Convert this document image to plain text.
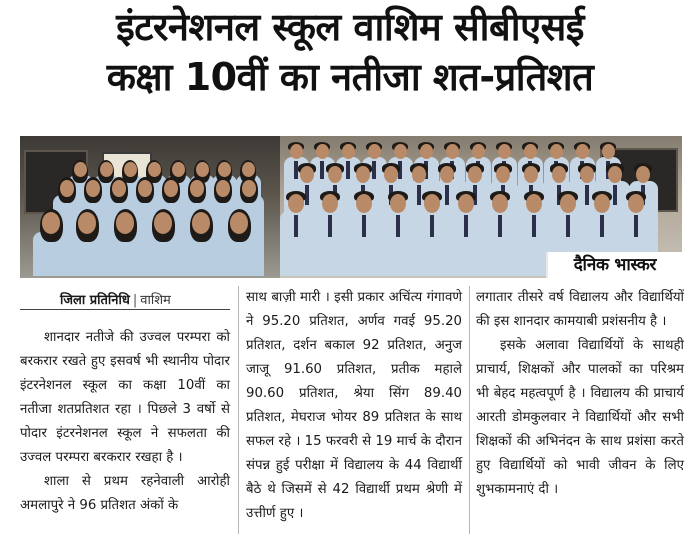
इंटरनेशनल स्कूल वाशिम सीबीएसई
कक्षा 10वीं का नतीजा शत-प्रतिशत
दैनिक भास्कर
जिला प्रतिनिधि | वाशिम

शानदार नतीजे की उज्वल परम्परा को बरकरार रखते हुए इसवर्ष भी स्थानीय पोदार इंटरनेशनल स्कूल का कक्षा 10वीं का नतीजा शतप्रतिशत रहा । पिछले 3 वर्षो से पोदार इंटरनेशनल स्कूल ने सफलता की उज्वल परम्परा बरकरार रखहा है ।

शाला से प्रथम रहनेवाली आरोही अमलापुरे ने 96 प्रतिशत अंकों के

साथ बाज़ी मारी । इसी प्रकार अचिंत्य गंगावणे ने 95.20 प्रतिशत, अर्णव गवई 95.20 प्रतिशत, दर्शन बकाल 92 प्रतिशत, अनुज जाजू 91.60 प्रतिशत, प्रतीक महाले 90.60 प्रतिशत, श्रेया सिंग 89.40 प्रतिशत, मेघराज भोयर 89 प्रतिशत के साथ सफल रहे । 15 फरवरी से 19 मार्च के दौरान संपन्न हुई परीक्षा में विद्यालय के 44 विद्यार्थी बैठे थे जिसमें से 42 विद्यार्थी प्रथम श्रेणी में उत्तीर्ण हुए ।

लगातार तीसरे वर्ष विद्यालय और विद्यार्थियों की इस शानदार कामयाबी प्रशंसनीय है ।

इसके अलावा विद्यार्थियों के साथही प्राचार्य, शिक्षकों और पालकों का परिश्रम भी बेहद महत्वपूर्ण है । विद्यालय की प्राचार्य आरती डोमकुलवार ने विद्यार्थियों और सभी शिक्षकों की अभिनंदन के साथ प्रशंसा करते हुए विद्यार्थियों को भावी जीवन के लिए शुभकामनाएं दी ।
